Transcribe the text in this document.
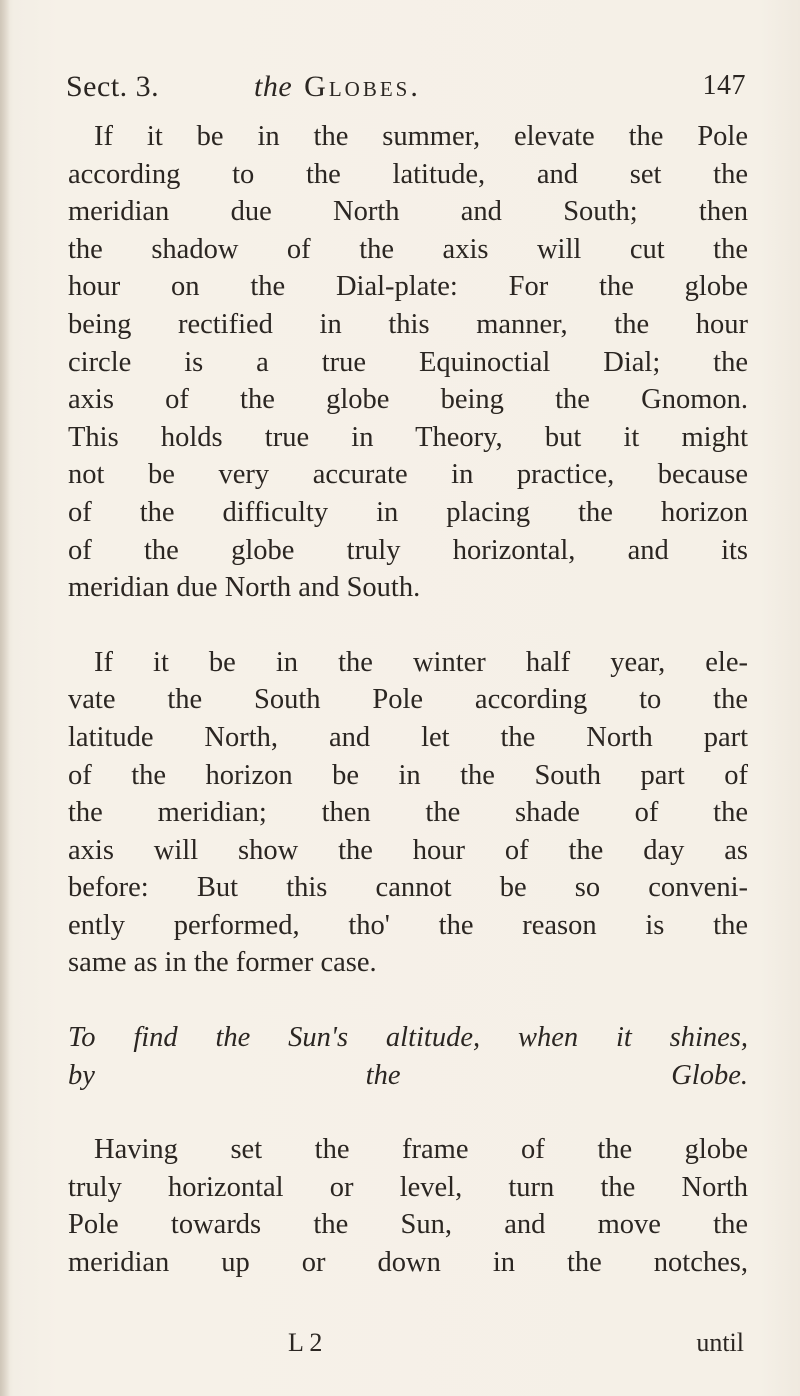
Sect. 3.	the Globes.	147

If it be in the summer, elevate the Pole
according to the latitude, and set the
meridian due North and South; then
the shadow of the axis will cut the
hour on the Dial-plate: For the globe
being rectified in this manner, the hour
circle is a true Equinoctial Dial; the
axis of the globe being the Gnomon.
This holds true in Theory, but it might
not be very accurate in practice, because
of the difficulty in placing the horizon
of the globe truly horizontal, and its
meridian due North and South.

If it be in the winter half year, ele-
vate the South Pole according to the
latitude North, and let the North part
of the horizon be in the South part of
the meridian; then the shade of the
axis will show the hour of the day as
before: But this cannot be so conveni-
ently performed, tho' the reason is the
same as in the former case.

To find the Sun's altitude, when it shines,
by the Globe.

Having set the frame of the globe
truly horizontal or level, turn the North
Pole towards the Sun, and move the
meridian up or down in the notches,

L 2	until
